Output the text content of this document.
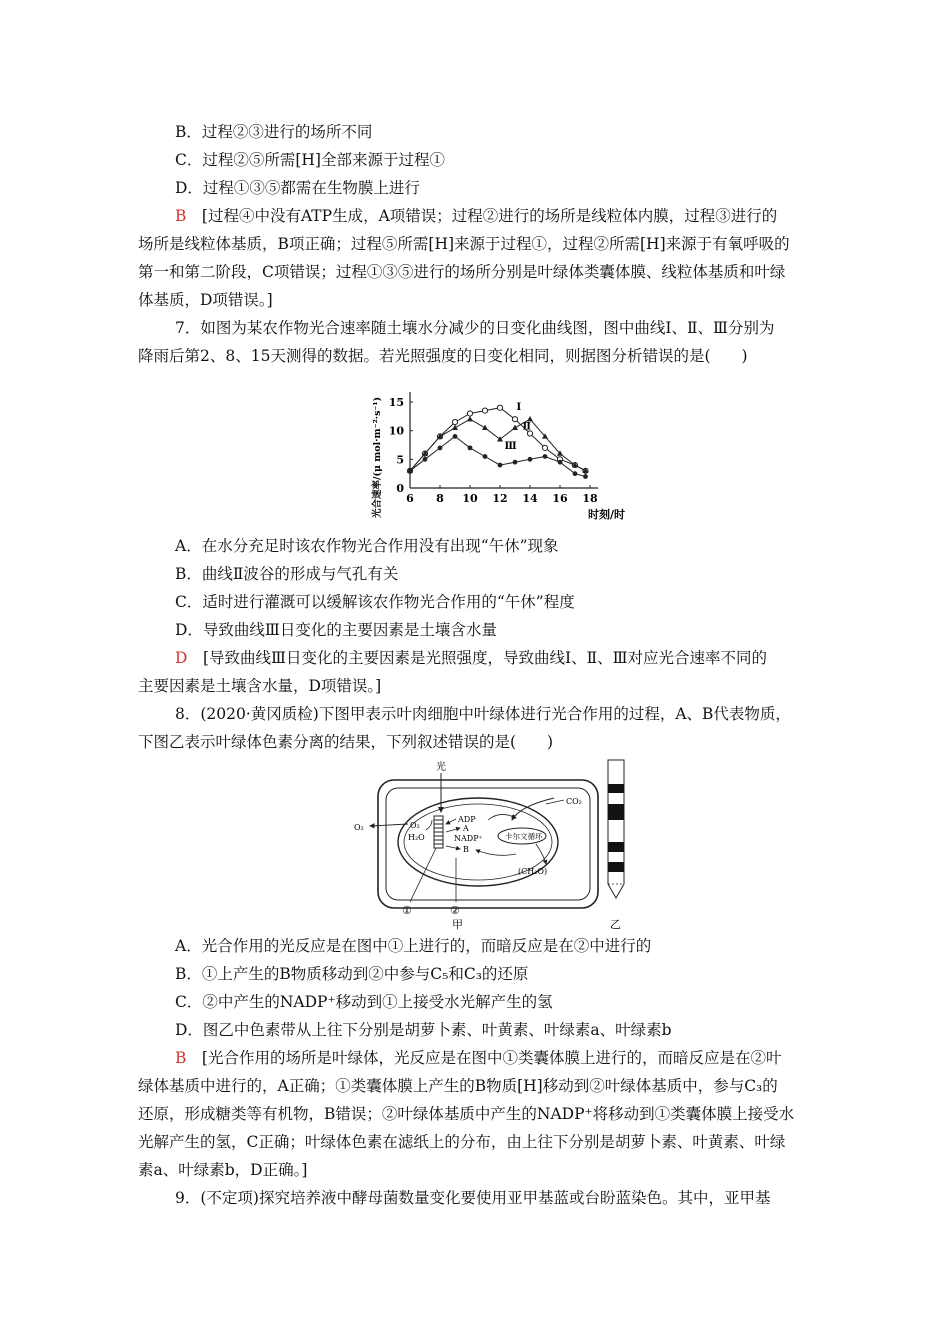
B．过程②③进行的场所不同
C．过程②⑤所需[H]全部来源于过程①
D．过程①③⑤都需在生物膜上进行
B　 [过程④中没有ATP生成，A项错误；过程②进行的场所是线粒体内膜，过程③进行的
场所是线粒体基质，B项正确；过程⑤所需[H]来源于过程①，过程②所需[H]来源于有氧呼吸的
第一和第二阶段，C项错误；过程①③⑤进行的场所分别是叶绿体类囊体膜、线粒体基质和叶绿
体基质，D项错误。]
7．如图为某农作物光合速率随土壤水分减少的日变化曲线图，图中曲线Ⅰ、Ⅱ、Ⅲ分别为
降雨后第2、8、15天测得的数据。若光照强度的日变化相同，则据图分析错误的是(　　)
6 8 10 12 14 16 18
0
5
10
15
时刻/时
光合速率/(μ mol·m⁻²·s⁻¹)	Ⅰ
Ⅱ
Ⅲ
A．在水分充足时该农作物光合作用没有出现“午休”现象
B．曲线Ⅱ波谷的形成与气孔有关
C．适时进行灌溉可以缓解该农作物光合作用的“午休”程度
D．导致曲线Ⅲ日变化的主要因素是土壤含水量
D　 [导致曲线Ⅲ日变化的主要因素是光照强度，导致曲线Ⅰ、Ⅱ、Ⅲ对应光合速率不同的
主要因素是土壤含水量，D项错误。]
8．(2020·黄冈质检)下图甲表示叶肉细胞中叶绿体进行光合作用的过程，A、B代表物质，
下图乙表示叶绿体色素分离的结果，下列叙述错误的是(　　)
光
O₂	O₂
H₂O
ADP
A
NADP⁺
B
卡尔文循环
CO₂
(CH₂O)
①	②
甲	乙
A．光合作用的光反应是在图中①上进行的，而暗反应是在②中进行的
B．①上产生的B物质移动到②中参与C₅和C₃的还原
C．②中产生的NADP⁺移动到①上接受水光解产生的氢
D．图乙中色素带从上往下分别是胡萝卜素、叶黄素、叶绿素a、叶绿素b
B　 [光合作用的场所是叶绿体，光反应是在图中①类囊体膜上进行的，而暗反应是在②叶
绿体基质中进行的，A正确；①类囊体膜上产生的B物质[H]移动到②叶绿体基质中，参与C₃的
还原，形成糖类等有机物，B错误；②叶绿体基质中产生的NADP⁺将移动到①类囊体膜上接受水
光解产生的氢，C正确；叶绿体色素在滤纸上的分布，由上往下分别是胡萝卜素、叶黄素、叶绿
素a、叶绿素b，D正确。]
9．(不定项)探究培养液中酵母菌数量变化要使用亚甲基蓝或台盼蓝染色。其中，亚甲基
